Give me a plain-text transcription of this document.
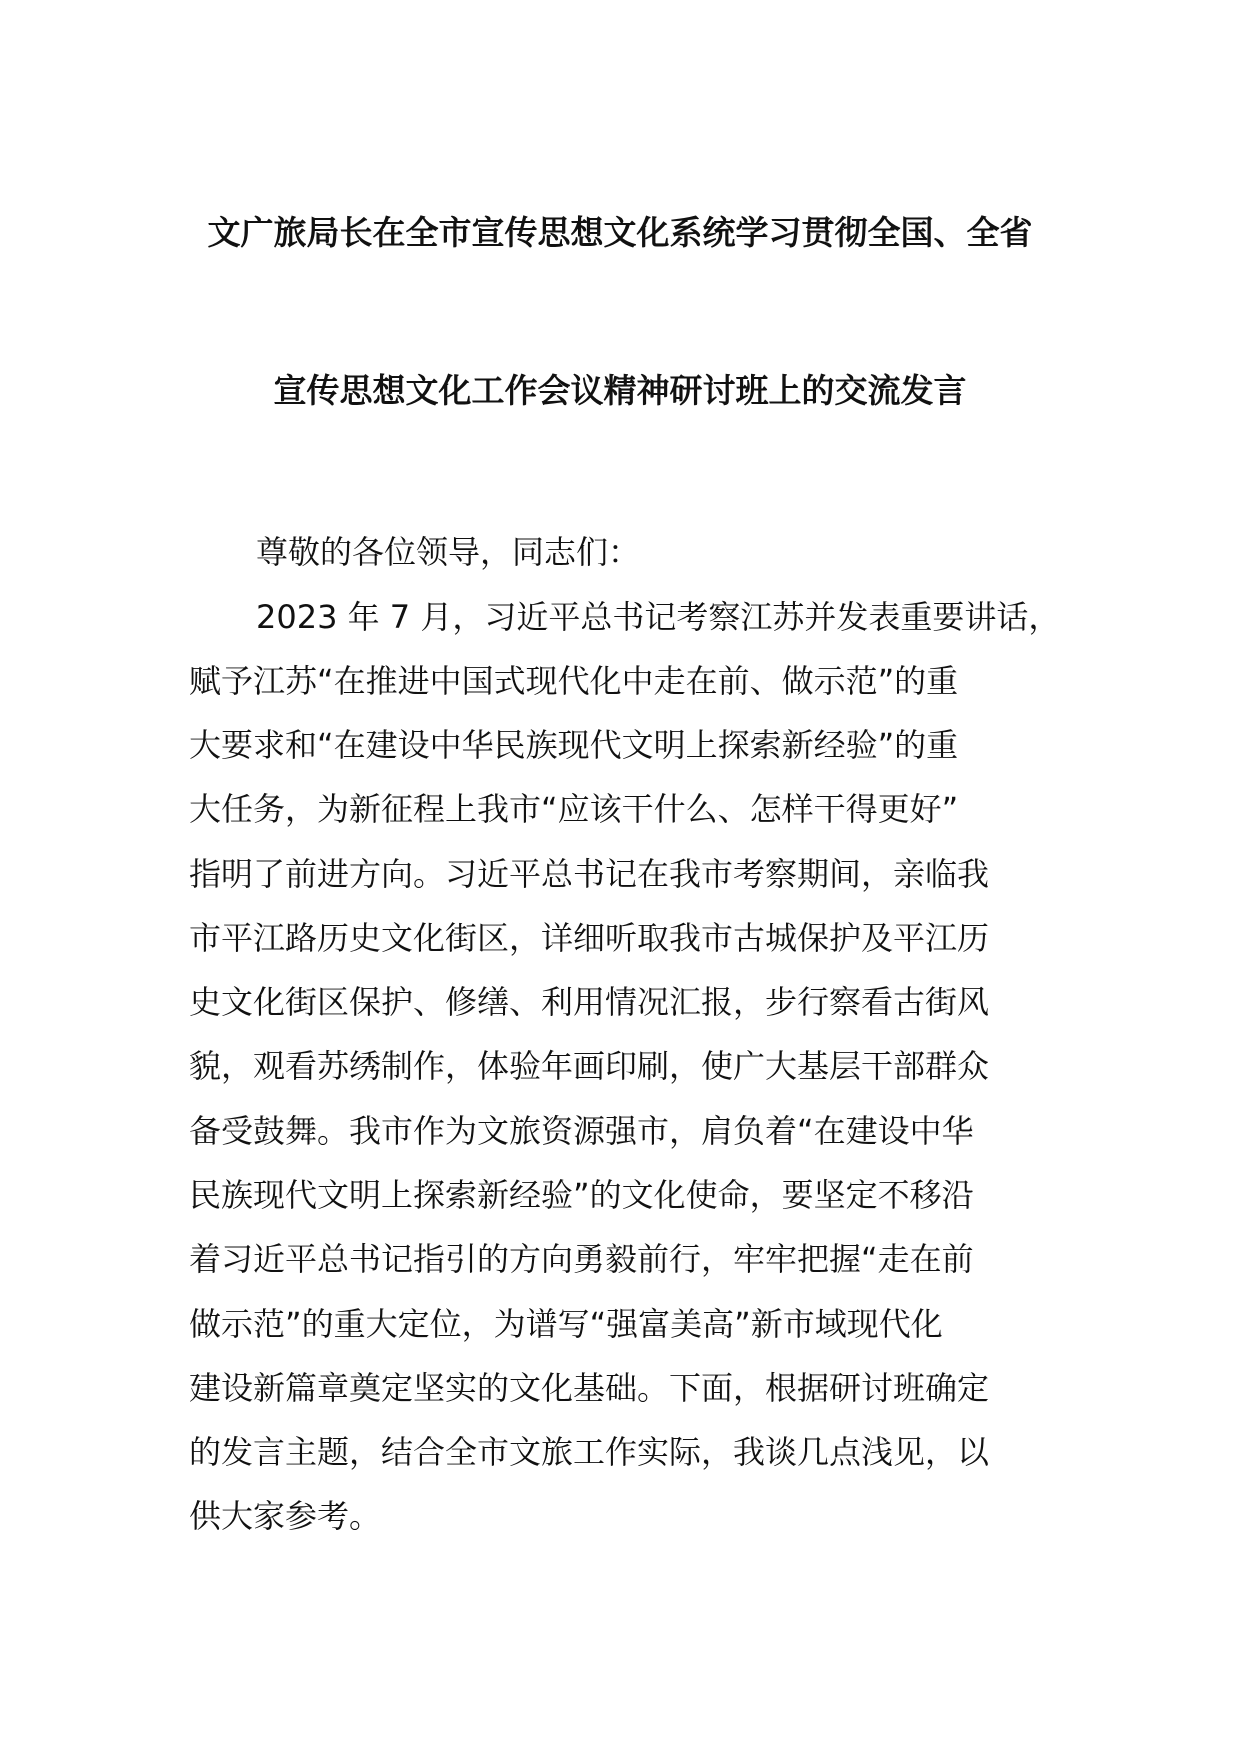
文广旅局长在全市宣传思想文化系统学习贯彻全国、全省
宣传思想文化工作会议精神研讨班上的交流发言
尊敬的各位领导，同志们：
2023 年 7 月，习近平总书记考察江苏并发表重要讲话，
赋予江苏“在推进中国式现代化中走在前、做示范”的重
大要求和“在建设中华民族现代文明上探索新经验”的重
大任务，为新征程上我市“应该干什么、怎样干得更好”
指明了前进方向。习近平总书记在我市考察期间，亲临我
市平江路历史文化街区，详细听取我市古城保护及平江历
史文化街区保护、修缮、利用情况汇报，步行察看古街风
貌，观看苏绣制作，体验年画印刷，使广大基层干部群众
备受鼓舞。我市作为文旅资源强市，肩负着“在建设中华
民族现代文明上探索新经验”的文化使命，要坚定不移沿
着习近平总书记指引的方向勇毅前行，牢牢把握“走在前
做示范”的重大定位，为谱写“强富美高”新市域现代化
建设新篇章奠定坚实的文化基础。下面，根据研讨班确定
的发言主题，结合全市文旅工作实际，我谈几点浅见，以
供大家参考。
